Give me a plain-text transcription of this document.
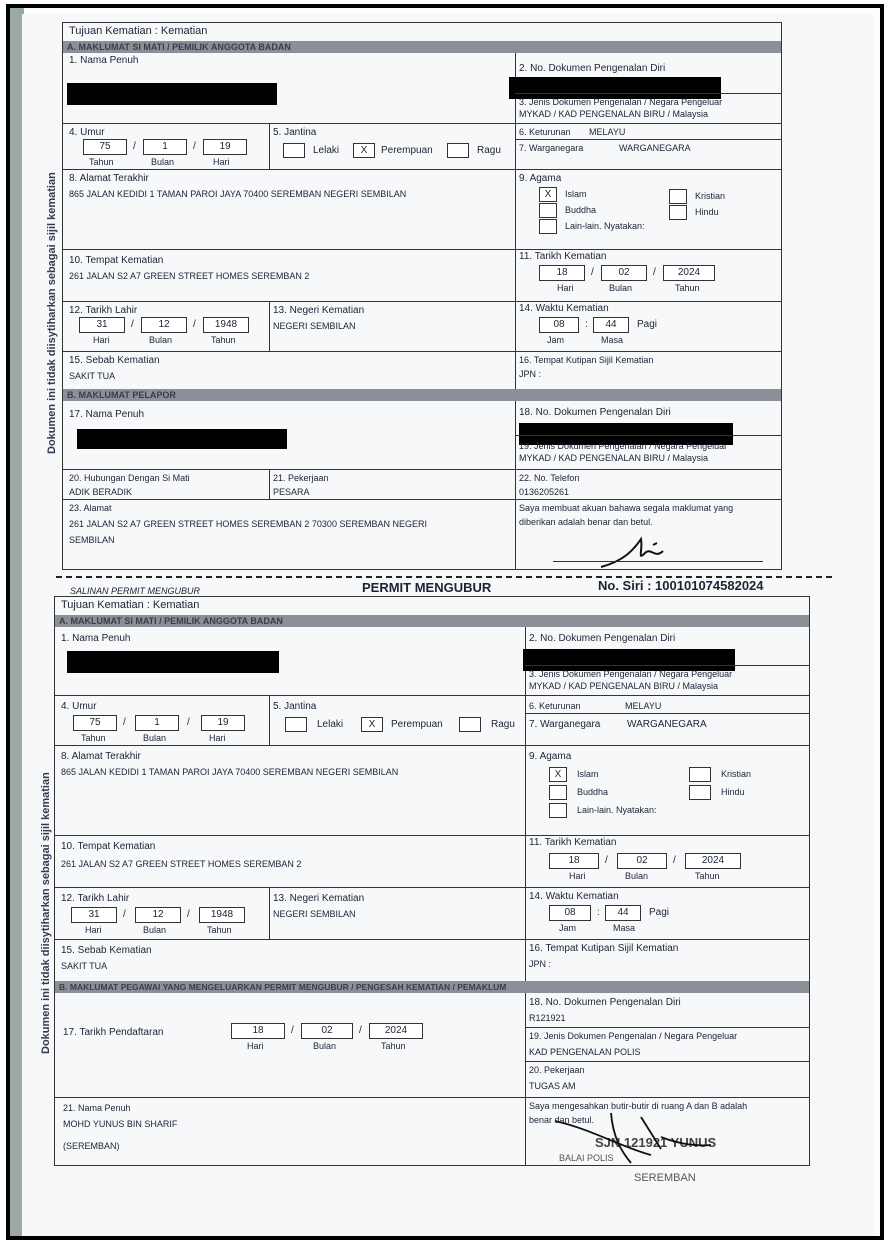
Dokumen ini tidak diisytiharkan sebagai sijil kematian
Dokumen ini tidak diisytiharkan sebagai sijil kematian
Tujuan Kematian : Kematian
A. MAKLUMAT SI MATI / PEMILIK ANGGOTA BADAN
1. Nama Penuh
2. No. Dokumen Pengenalan Diri
3. Jenis Dokumen Pengenalan / Negara Pengeluar
MYKAD / KAD PENGENALAN BIRU / Malaysia
4. Umur
75	/	1	/	19
Tahun	Bulan	Hari
5. Jantina
Lelaki	X	Perempuan	Ragu
6. Keturunan MELAYU
7. Warganegara	WARGANEGARA
8. Alamat Terakhir
865 JALAN KEDIDI 1 TAMAN PAROI JAYA 70400 SEREMBAN NEGERI SEMBILAN
9. Agama
X	Islam
Buddha
Lain-lain. Nyatakan:
Kristian
Hindu
10. Tempat Kematian
261 JALAN S2 A7 GREEN STREET HOMES SEREMBAN 2
11. Tarikh Kematian
18	/	02	/	2024
Hari	Bulan	Tahun
12. Tarikh Lahir
31	/	12	/	1948
Hari	Bulan	Tahun
13. Negeri Kematian
NEGERI SEMBILAN
14. Waktu Kematian
08	:	44	Pagi
Jam	Masa
15. Sebab Kematian
SAKIT TUA
16. Tempat Kutipan Sijil Kematian
JPN :
B. MAKLUMAT PELAPOR
17. Nama Penuh	18. No. Dokumen Pengenalan Diri
19. Jenis Dokumen Pengenalan / Negara Pengeluar
MYKAD / KAD PENGENALAN BIRU / Malaysia
20. Hubungan Dengan Si Mati
ADIK BERADIK
21. Pekerjaan
PESARA
22. No. Telefon
0136205261
23. Alamat
261 JALAN S2 A7 GREEN STREET HOMES SEREMBAN 2 70300 SEREMBAN NEGERI
SEMBILAN
Saya membuat akuan bahawa segala maklumat yang
diberikan adalah benar dan betul.
SALINAN PERMIT MENGUBUR	PERMIT MENGUBUR	No. Siri : 100101074582024
Tujuan Kematian : Kematian
A. MAKLUMAT SI MATI / PEMILIK ANGGOTA BADAN
1. Nama Penuh	2. No. Dokumen Pengenalan Diri
3. Jenis Dokumen Pengenalan / Negara Pengeluar
MYKAD / KAD PENGENALAN BIRU / Malaysia
4. Umur
75	/	1	/	19
Tahun	Bulan	Hari
5. Jantina
Lelaki	X	Perempuan	Ragu
6. Keturunan	MELAYU
7. Warganegara	WARGANEGARA
8. Alamat Terakhir
865 JALAN KEDIDI 1 TAMAN PAROI JAYA 70400 SEREMBAN NEGERI SEMBILAN
9. Agama
X	Islam
Buddha
Lain-lain. Nyatakan:
Kristian
Hindu
10. Tempat Kematian
261 JALAN S2 A7 GREEN STREET HOMES SEREMBAN 2
11. Tarikh Kematian
18	/	02	/	2024
Hari	Bulan	Tahun
12. Tarikh Lahir
31	/	12	/	1948
Hari	Bulan	Tahun
13. Negeri Kematian
NEGERI SEMBILAN
14. Waktu Kematian
08	:	44	Pagi
Jam	Masa
15. Sebab Kematian
SAKIT TUA
16. Tempat Kutipan Sijil Kematian
JPN :
B. MAKLUMAT PEGAWAI YANG MENGELUARKAN PERMIT MENGUBUR / PENGESAH KEMATIAN / PEMAKLUM
17. Tarikh Pendaftaran	18	/	02	/	2024
Hari	Bulan	Tahun
18. No. Dokumen Pengenalan Diri
R121921
19. Jenis Dokumen Pengenalan / Negara Pengeluar
KAD PENGENALAN POLIS
20. Pekerjaan
TUGAS AM
21. Nama Penuh
MOHD YUNUS BIN SHARIF
(SEREMBAN)
Saya mengesahkan butir-butir di ruang A dan B adalah
benar dan betul.
SJN 121921 YUNUS
BALAI POLIS
SEREMBAN
